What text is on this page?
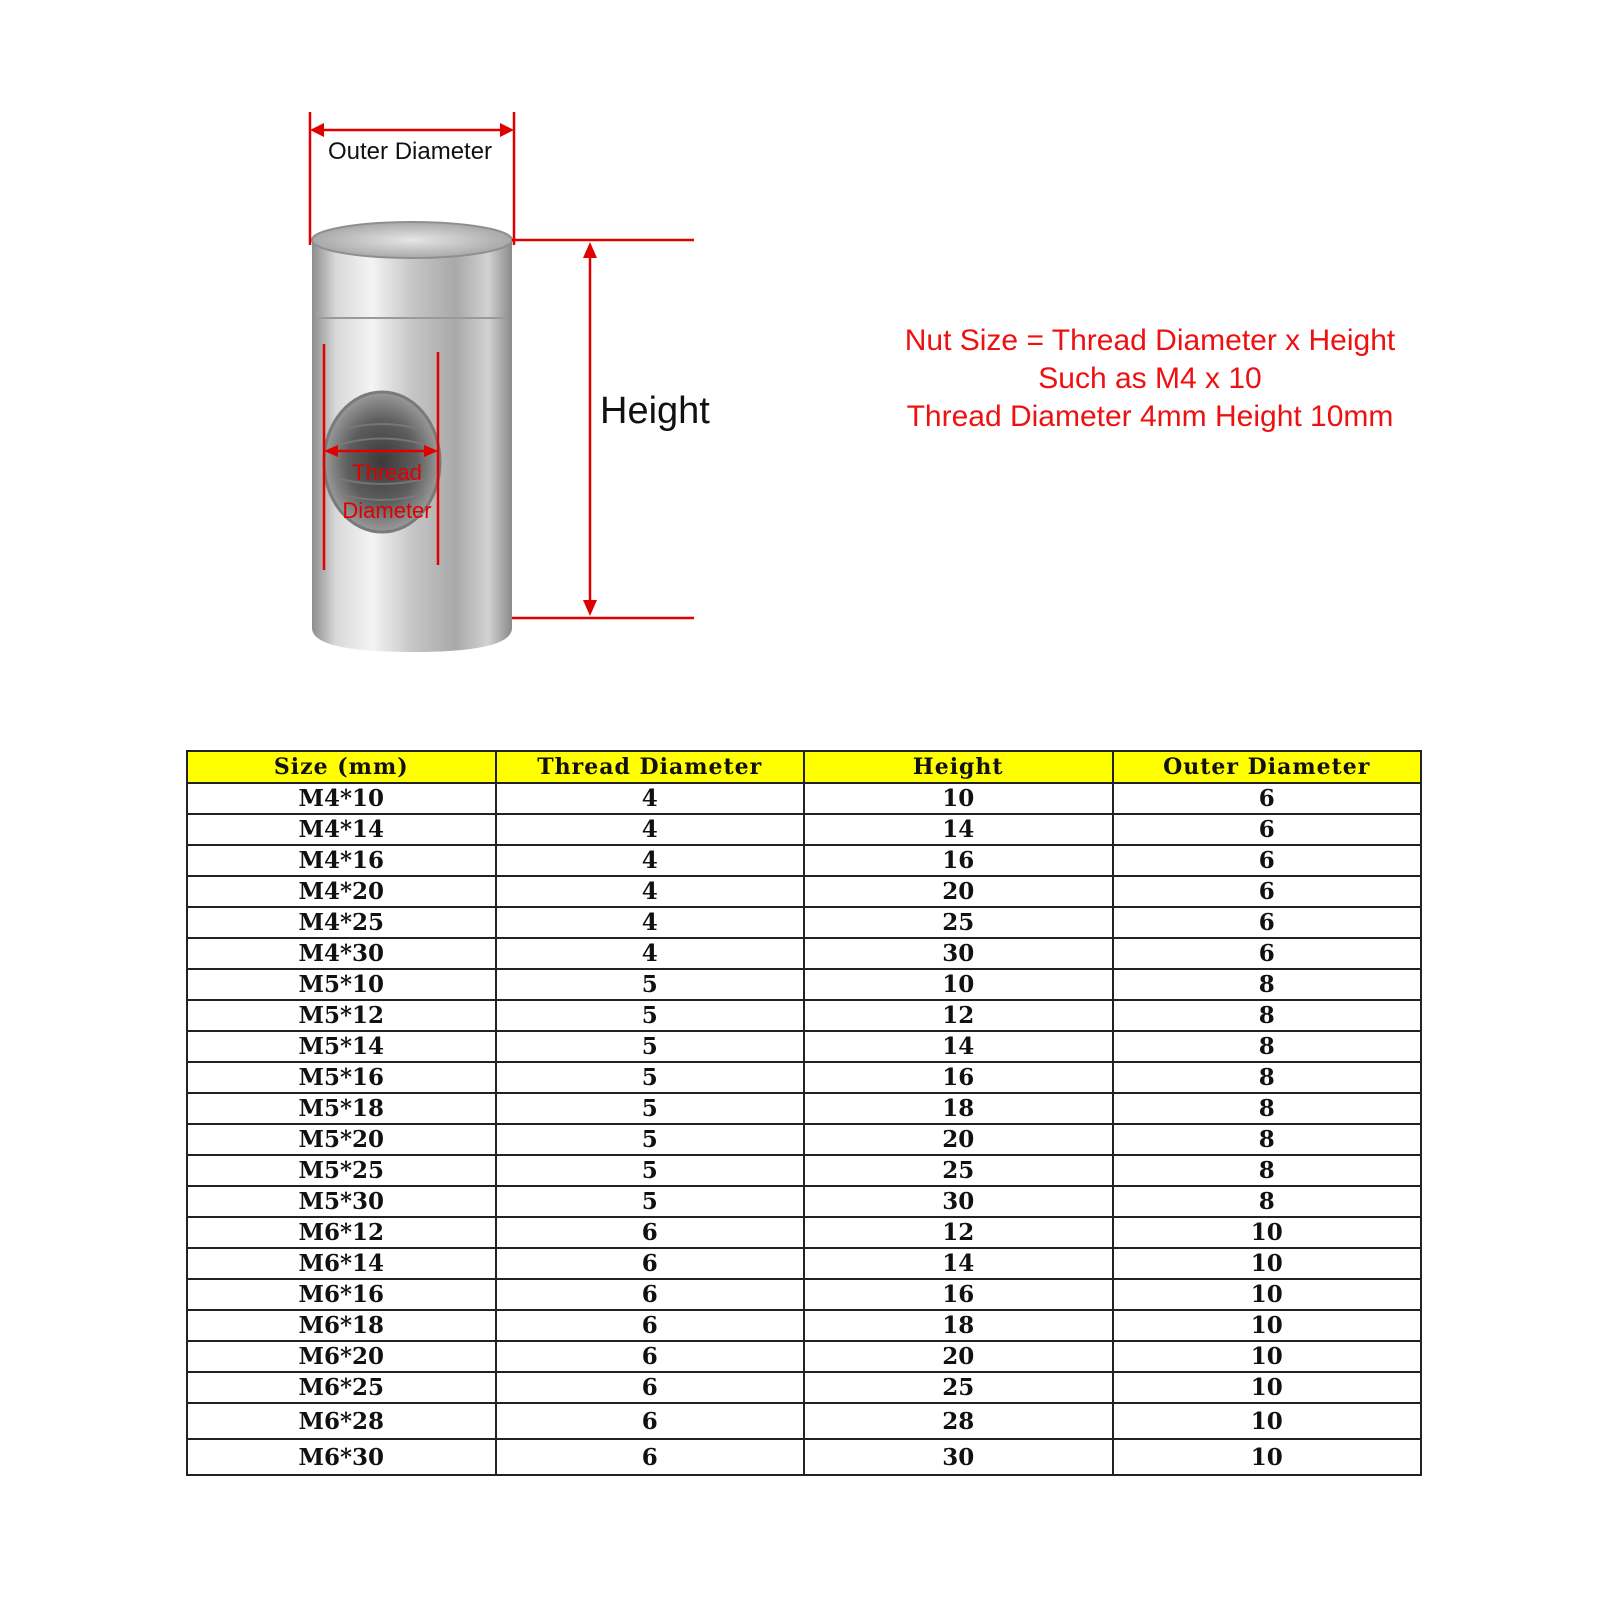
Outer Diameter
Height
Thread
Diameter
Nut Size = Thread Diameter x Height
Such as M4 x 10
Thread Diameter 4mm Height 10mm
Size (mm)	Thread Diameter	Height	Outer Diameter
M4*10	4	10	6
M4*14	4	14	6
M4*16	4	16	6
M4*20	4	20	6
M4*25	4	25	6
M4*30	4	30	6
M5*10	5	10	8
M5*12	5	12	8
M5*14	5	14	8
M5*16	5	16	8
M5*18	5	18	8
M5*20	5	20	8
M5*25	5	25	8
M5*30	5	30	8
M6*12	6	12	10
M6*14	6	14	10
M6*16	6	16	10
M6*18	6	18	10
M6*20	6	20	10
M6*25	6	25	10
M6*28	6	28	10
M6*30	6	30	10
